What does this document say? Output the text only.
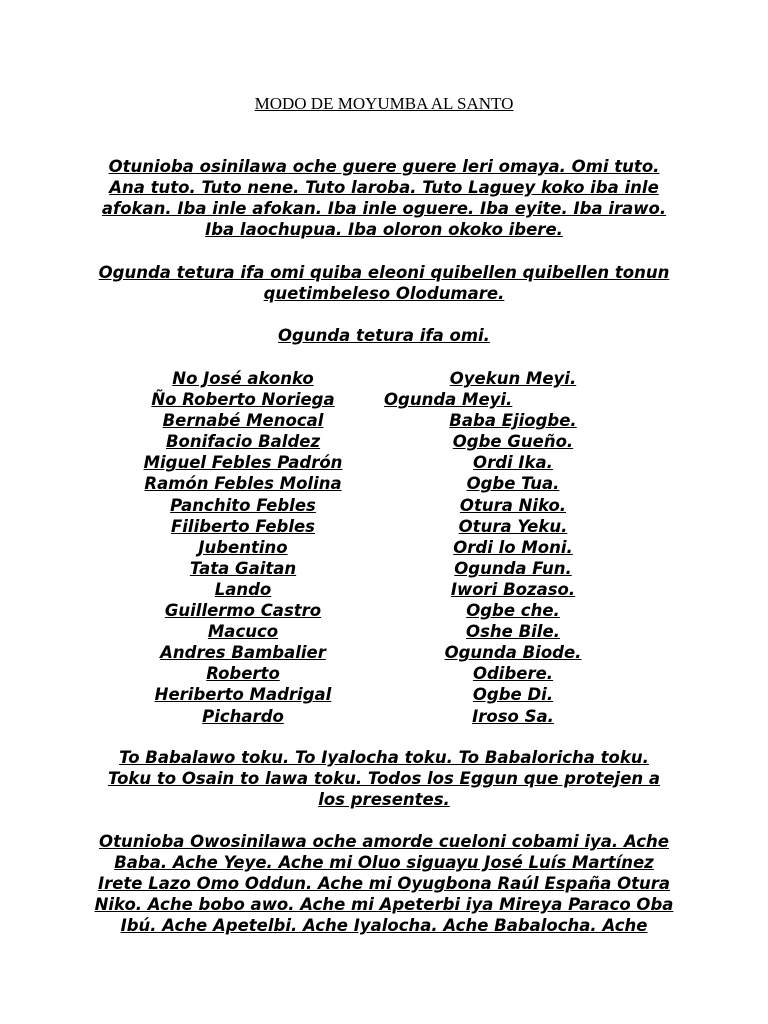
MODO DE MOYUMBA AL SANTO
Otunioba osinilawa oche guere guere leri omaya. Omi tuto.
Ana tuto. Tuto nene. Tuto laroba. Tuto Laguey koko iba inle
afokan. Iba inle afokan. Iba inle oguere. Iba eyite. Iba irawo.
Iba laochupua. Iba oloron okoko ibere.
Ogunda tetura ifa omi quiba eleoni quibellen quibellen tonun
quetimbeleso Olodumare.
Ogunda tetura ifa omi.
No José akonko
Ño Roberto Noriega
Bernabé Menocal
Bonifacio Baldez
Miguel Febles Padrón
Ramón Febles Molina
Panchito Febles
Filiberto Febles
Jubentino
Tata Gaitan
Lando
Guillermo Castro
Macuco
Andres Bambalier
Roberto
Heriberto Madrigal
Pichardo
Oyekun Meyi.
Ogunda Meyi.
Baba Ejiogbe.
Ogbe Gueño.
Ordi Ika.
Ogbe Tua.
Otura Niko.
Otura Yeku.
Ordi lo Moni.
Ogunda Fun.
Iwori Bozaso.
Ogbe che.
Oshe Bile.
Ogunda Biode.
Odibere.
Ogbe Di.
Iroso Sa.
To Babalawo toku. To Iyalocha toku. To Babaloricha toku.
Toku to Osain to lawa toku. Todos los Eggun que protejen a
los presentes.
Otunioba Owosinilawa oche amorde cueloni cobami iya. Ache
Baba. Ache Yeye. Ache mi Oluo siguayu José Luís Martínez
Irete Lazo Omo Oddun. Ache mi Oyugbona Raúl España Otura
Niko. Ache bobo awo. Ache mi Apeterbi iya Mireya Paraco Oba
Ibú. Ache Apetelbi. Ache Iyalocha. Ache Babalocha. Ache
